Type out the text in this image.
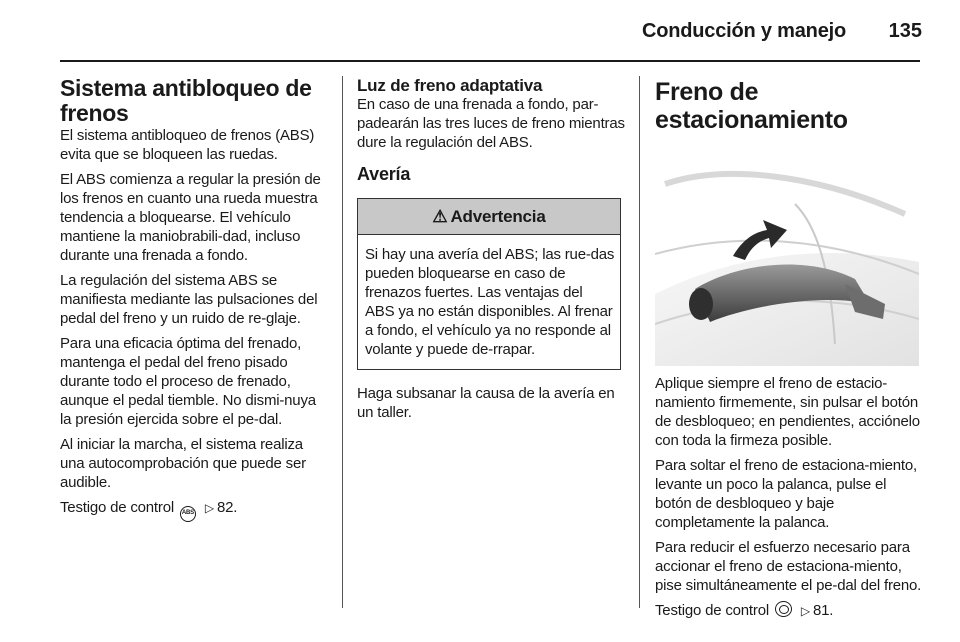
Conducción y manejo 135
Sistema antibloqueo de frenos

El sistema antibloqueo de frenos (ABS) evita que se bloqueen las ruedas.

El ABS comienza a regular la presión de los frenos en cuanto una rueda muestra tendencia a bloquearse. El vehículo mantiene la maniobrabili-dad, incluso durante una frenada a fondo.

La regulación del sistema ABS se manifiesta mediante las pulsaciones del pedal del freno y un ruido de re-glaje.

Para una eficacia óptima del frenado, mantenga el pedal del freno pisado durante todo el proceso de frenado, aunque el pedal tiemble. No dismi-nuya la presión ejercida sobre el pe-dal.

Al iniciar la marcha, el sistema realiza una autocomprobación que puede ser audible.

Testigo de control ABS ▷ 82.

Luz de freno adaptativa

En caso de una frenada a fondo, par-padearán las tres luces de freno mientras dure la regulación del ABS.

Avería
⚠ Advertencia

Si hay una avería del ABS; las rue-das pueden bloquearse en caso de frenazos fuertes. Las ventajas del ABS ya no están disponibles. Al frenar a fondo, el vehículo ya no responde al volante y puede de-rrapar.

Haga subsanar la causa de la avería en un taller.

Freno de estacionamiento

Aplique siempre el freno de estacio-namiento firmemente, sin pulsar el botón de desbloqueo; en pendientes, acciónelo con toda la firmeza posible.

Para soltar el freno de estaciona-miento, levante un poco la palanca, pulse el botón de desbloqueo y baje completamente la palanca.

Para reducir el esfuerzo necesario para accionar el freno de estaciona-miento, pise simultáneamente el pe-dal del freno.

Testigo de control	▷ 81.
